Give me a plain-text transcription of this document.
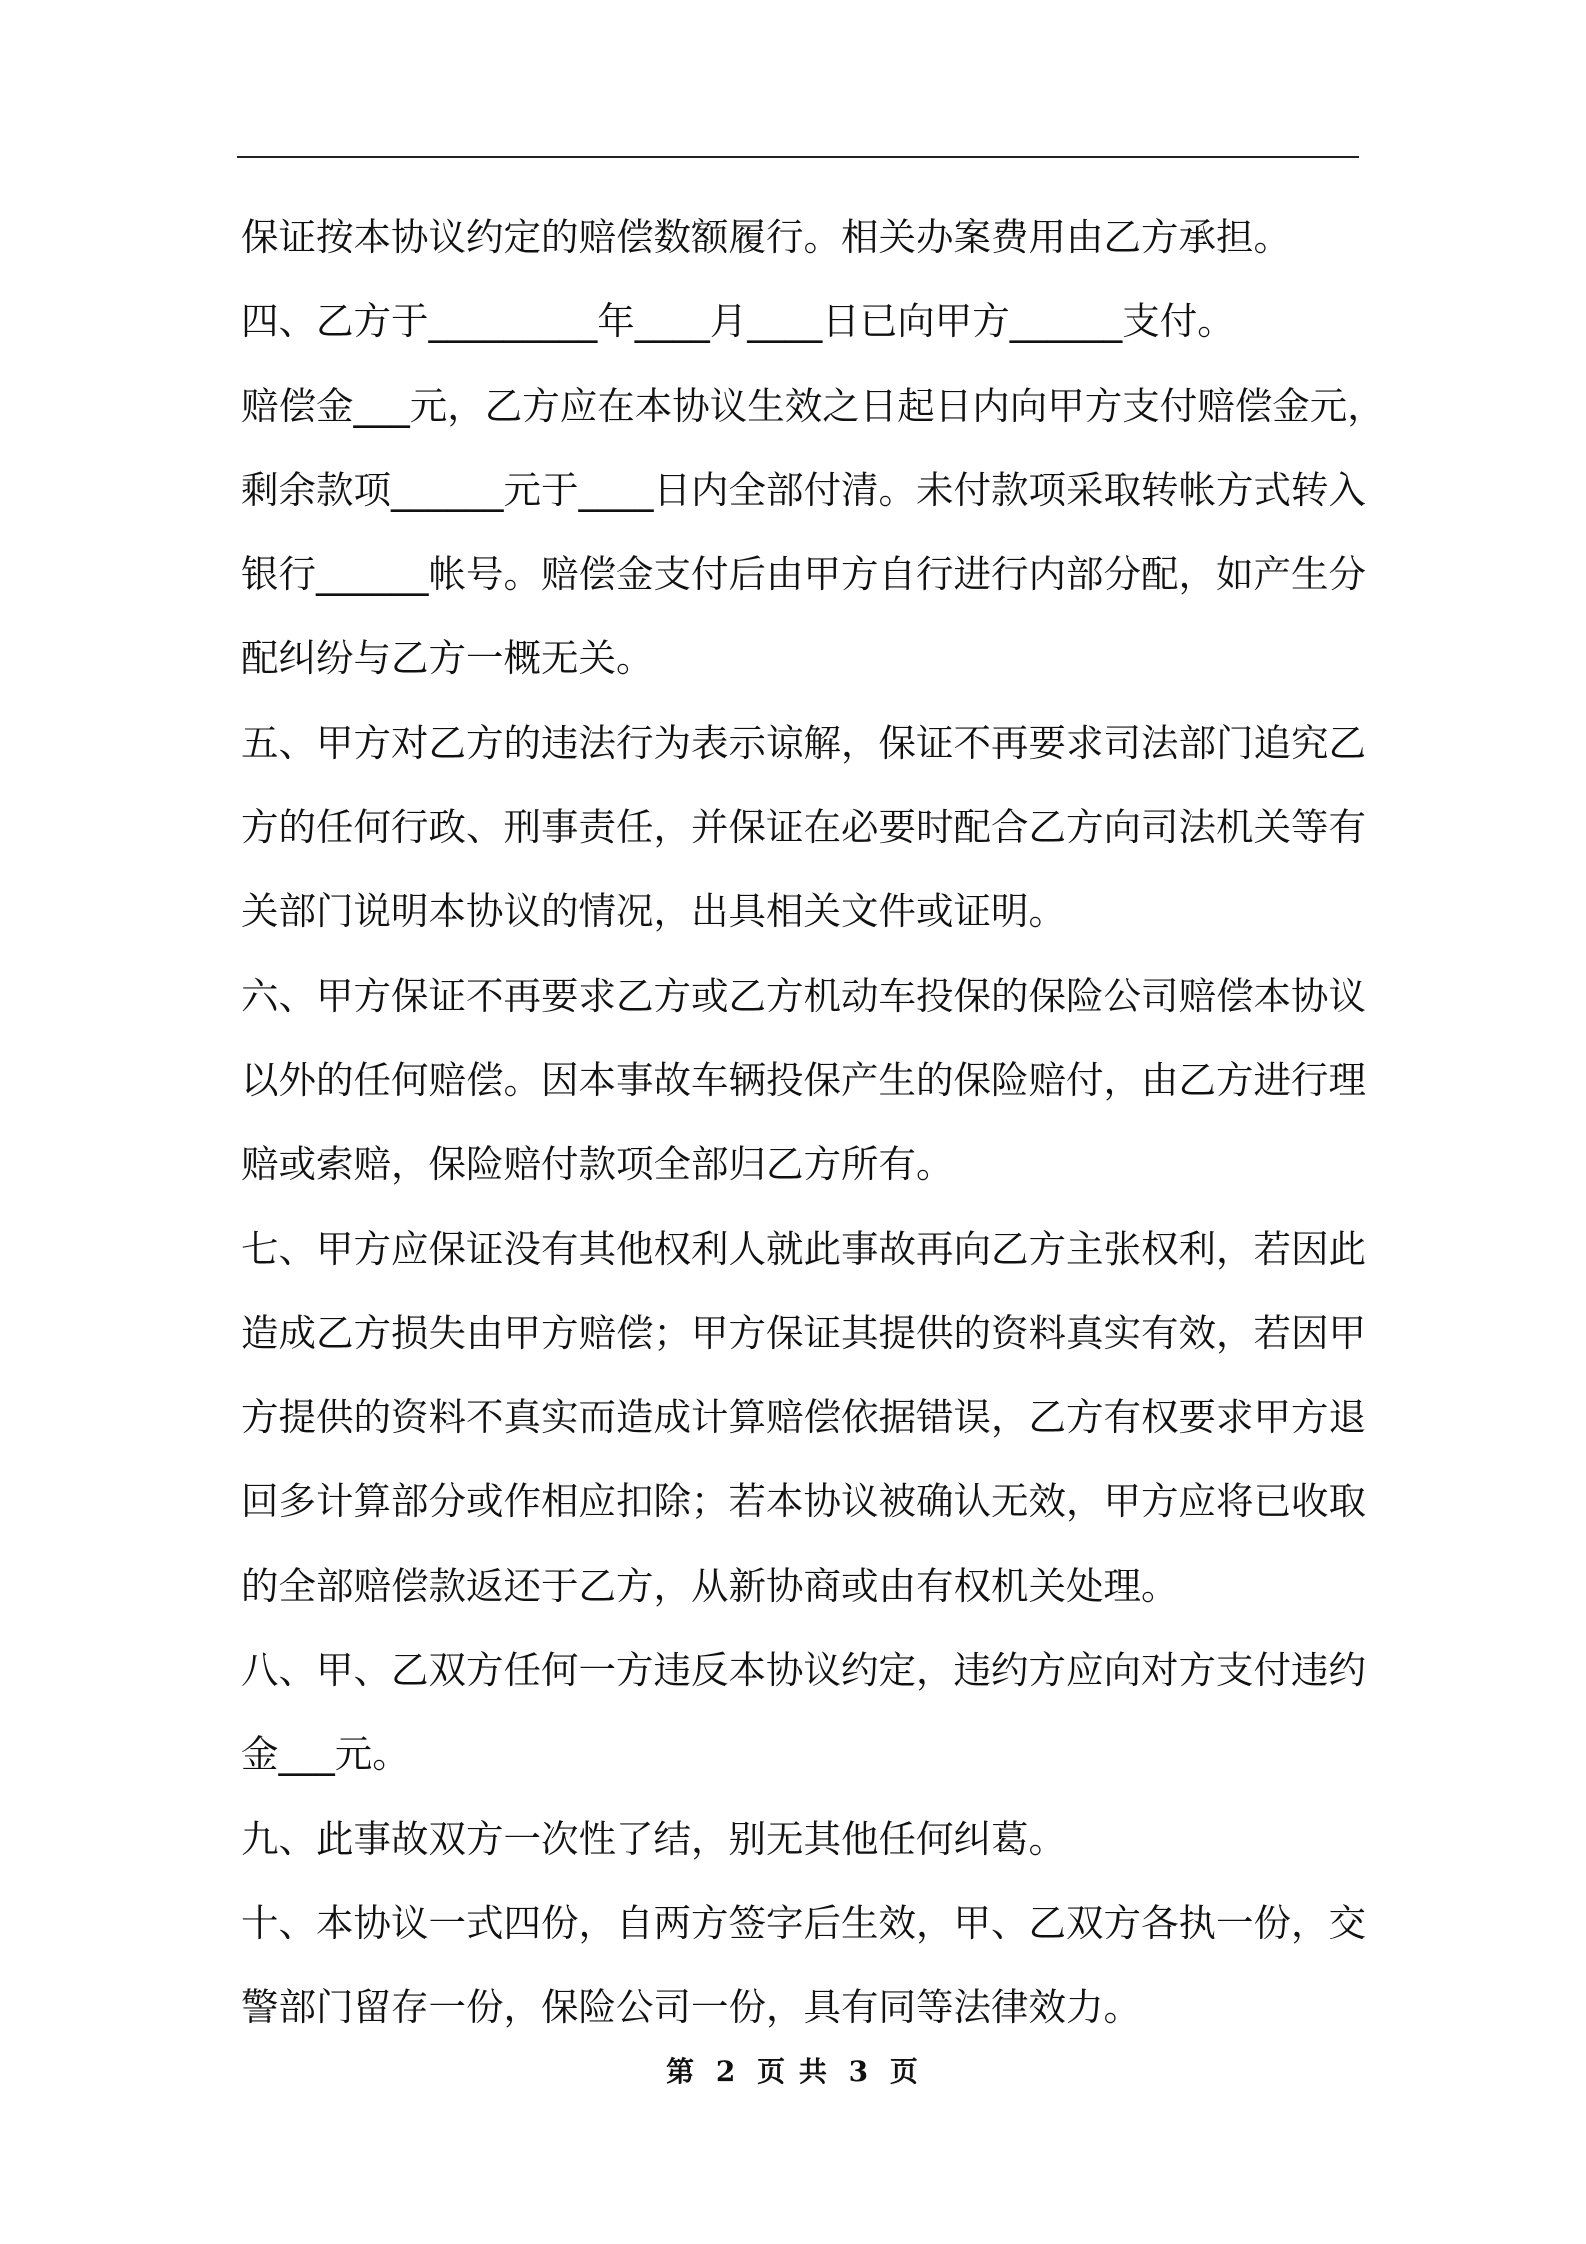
保证按本协议约定的赔偿数额履行。相关办案费用由乙方承担。
四、乙方于_________年____月____日已向甲方______支付。
赔偿金___元，乙方应在本协议生效之日起日内向甲方支付赔偿金元，
剩余款项______元于____日内全部付清。未付款项采取转帐方式转入
银行______帐号。赔偿金支付后由甲方自行进行内部分配，如产生分
配纠纷与乙方一概无关。
五、甲方对乙方的违法行为表示谅解，保证不再要求司法部门追究乙
方的任何行政、刑事责任，并保证在必要时配合乙方向司法机关等有
关部门说明本协议的情况，出具相关文件或证明。
六、甲方保证不再要求乙方或乙方机动车投保的保险公司赔偿本协议
以外的任何赔偿。因本事故车辆投保产生的保险赔付，由乙方进行理
赔或索赔，保险赔付款项全部归乙方所有。
七、甲方应保证没有其他权利人就此事故再向乙方主张权利，若因此
造成乙方损失由甲方赔偿；甲方保证其提供的资料真实有效，若因甲
方提供的资料不真实而造成计算赔偿依据错误，乙方有权要求甲方退
回多计算部分或作相应扣除；若本协议被确认无效，甲方应将已收取
的全部赔偿款返还于乙方，从新协商或由有权机关处理。
八、甲、乙双方任何一方违反本协议约定，违约方应向对方支付违约
金___元。
九、此事故双方一次性了结，别无其他任何纠葛。
十、本协议一式四份，自两方签字后生效，甲、乙双方各执一份，交
警部门留存一份，保险公司一份，具有同等法律效力。
第 2 页 共 3 页
